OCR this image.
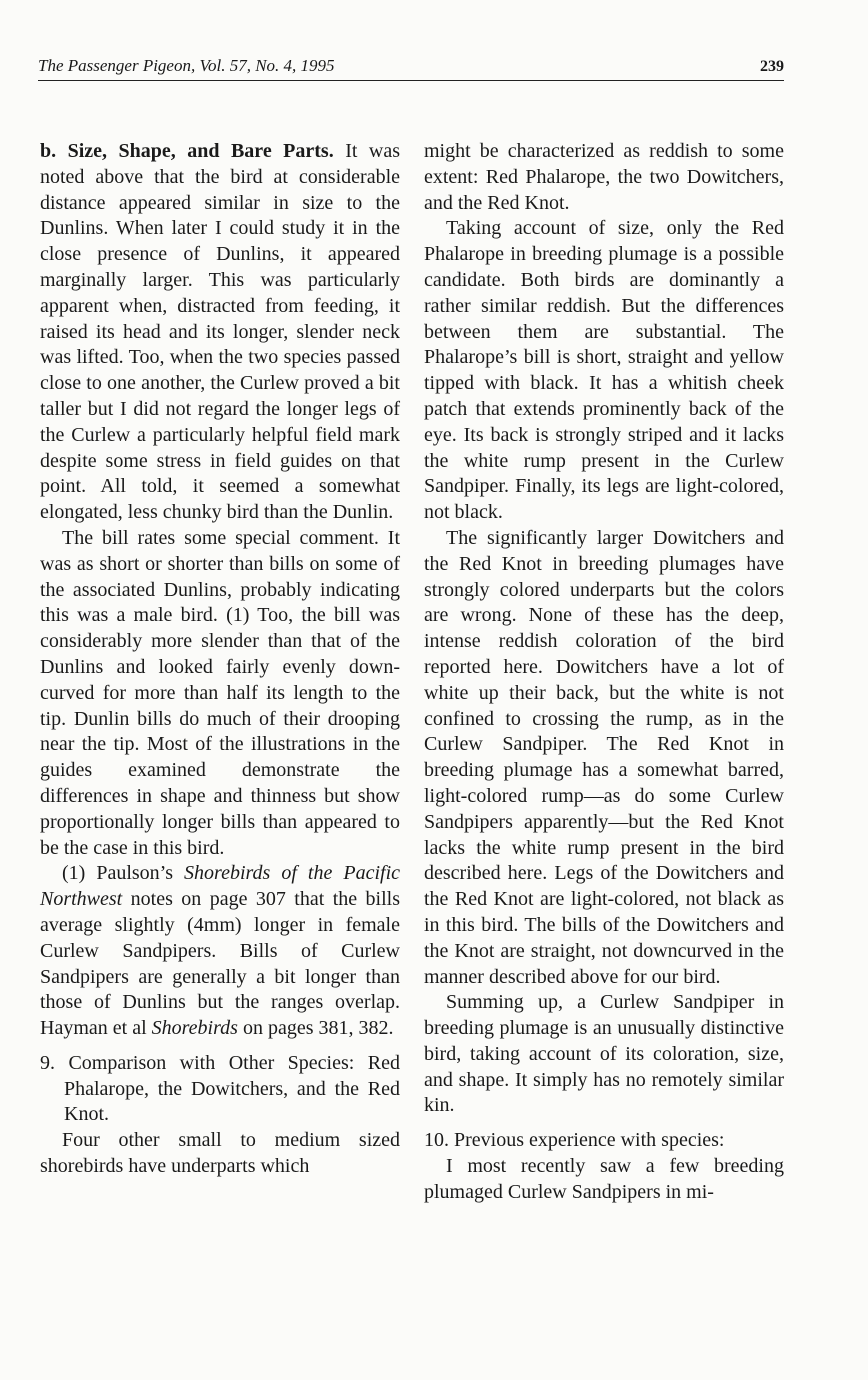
The Passenger Pigeon, Vol. 57, No. 4, 1995	239

b. Size, Shape, and Bare Parts. It was noted above that the bird at considerable distance appeared similar in size to the Dunlins. When later I could study it in the close presence of Dunlins, it appeared marginally larger. This was particularly apparent when, distracted from feeding, it raised its head and its longer, slender neck was lifted. Too, when the two species passed close to one another, the Curlew proved a bit taller but I did not regard the longer legs of the Curlew a particularly helpful field mark despite some stress in field guides on that point. All told, it seemed a somewhat elongated, less chunky bird than the Dunlin.

The bill rates some special comment. It was as short or shorter than bills on some of the associated Dunlins, probably indicating this was a male bird. (1) Too, the bill was considerably more slender than that of the Dunlins and looked fairly evenly down-curved for more than half its length to the tip. Dunlin bills do much of their drooping near the tip. Most of the illustrations in the guides examined demonstrate the differences in shape and thinness but show proportionally longer bills than appeared to be the case in this bird.

(1) Paulson’s Shorebirds of the Pacific Northwest notes on page 307 that the bills average slightly (4mm) longer in female Curlew Sandpipers. Bills of Curlew Sandpipers are generally a bit longer than those of Dunlins but the ranges overlap. Hayman et al Shorebirds on pages 381, 382.

9. Comparison with Other Species: Red Phalarope, the Dowitchers, and the Red Knot.

Four other small to medium sized shorebirds have underparts which

might be characterized as reddish to some extent: Red Phalarope, the two Dowitchers, and the Red Knot.

Taking account of size, only the Red Phalarope in breeding plumage is a possible candidate. Both birds are dominantly a rather similar reddish. But the differences between them are substantial. The Phalarope’s bill is short, straight and yellow tipped with black. It has a whitish cheek patch that extends prominently back of the eye. Its back is strongly striped and it lacks the white rump present in the Curlew Sandpiper. Finally, its legs are light-colored, not black.

The significantly larger Dowitchers and the Red Knot in breeding plumages have strongly colored underparts but the colors are wrong. None of these has the deep, intense reddish coloration of the bird reported here. Dowitchers have a lot of white up their back, but the white is not confined to crossing the rump, as in the Curlew Sandpiper. The Red Knot in breeding plumage has a somewhat barred, light-colored rump—as do some Curlew Sandpipers apparently—but the Red Knot lacks the white rump present in the bird described here. Legs of the Dowitchers and the Red Knot are light-colored, not black as in this bird. The bills of the Dowitchers and the Knot are straight, not downcurved in the manner described above for our bird.

Summing up, a Curlew Sandpiper in breeding plumage is an unusually distinctive bird, taking account of its coloration, size, and shape. It simply has no remotely similar kin.

10. Previous experience with species:

I most recently saw a few breeding plumaged Curlew Sandpipers in mi-
